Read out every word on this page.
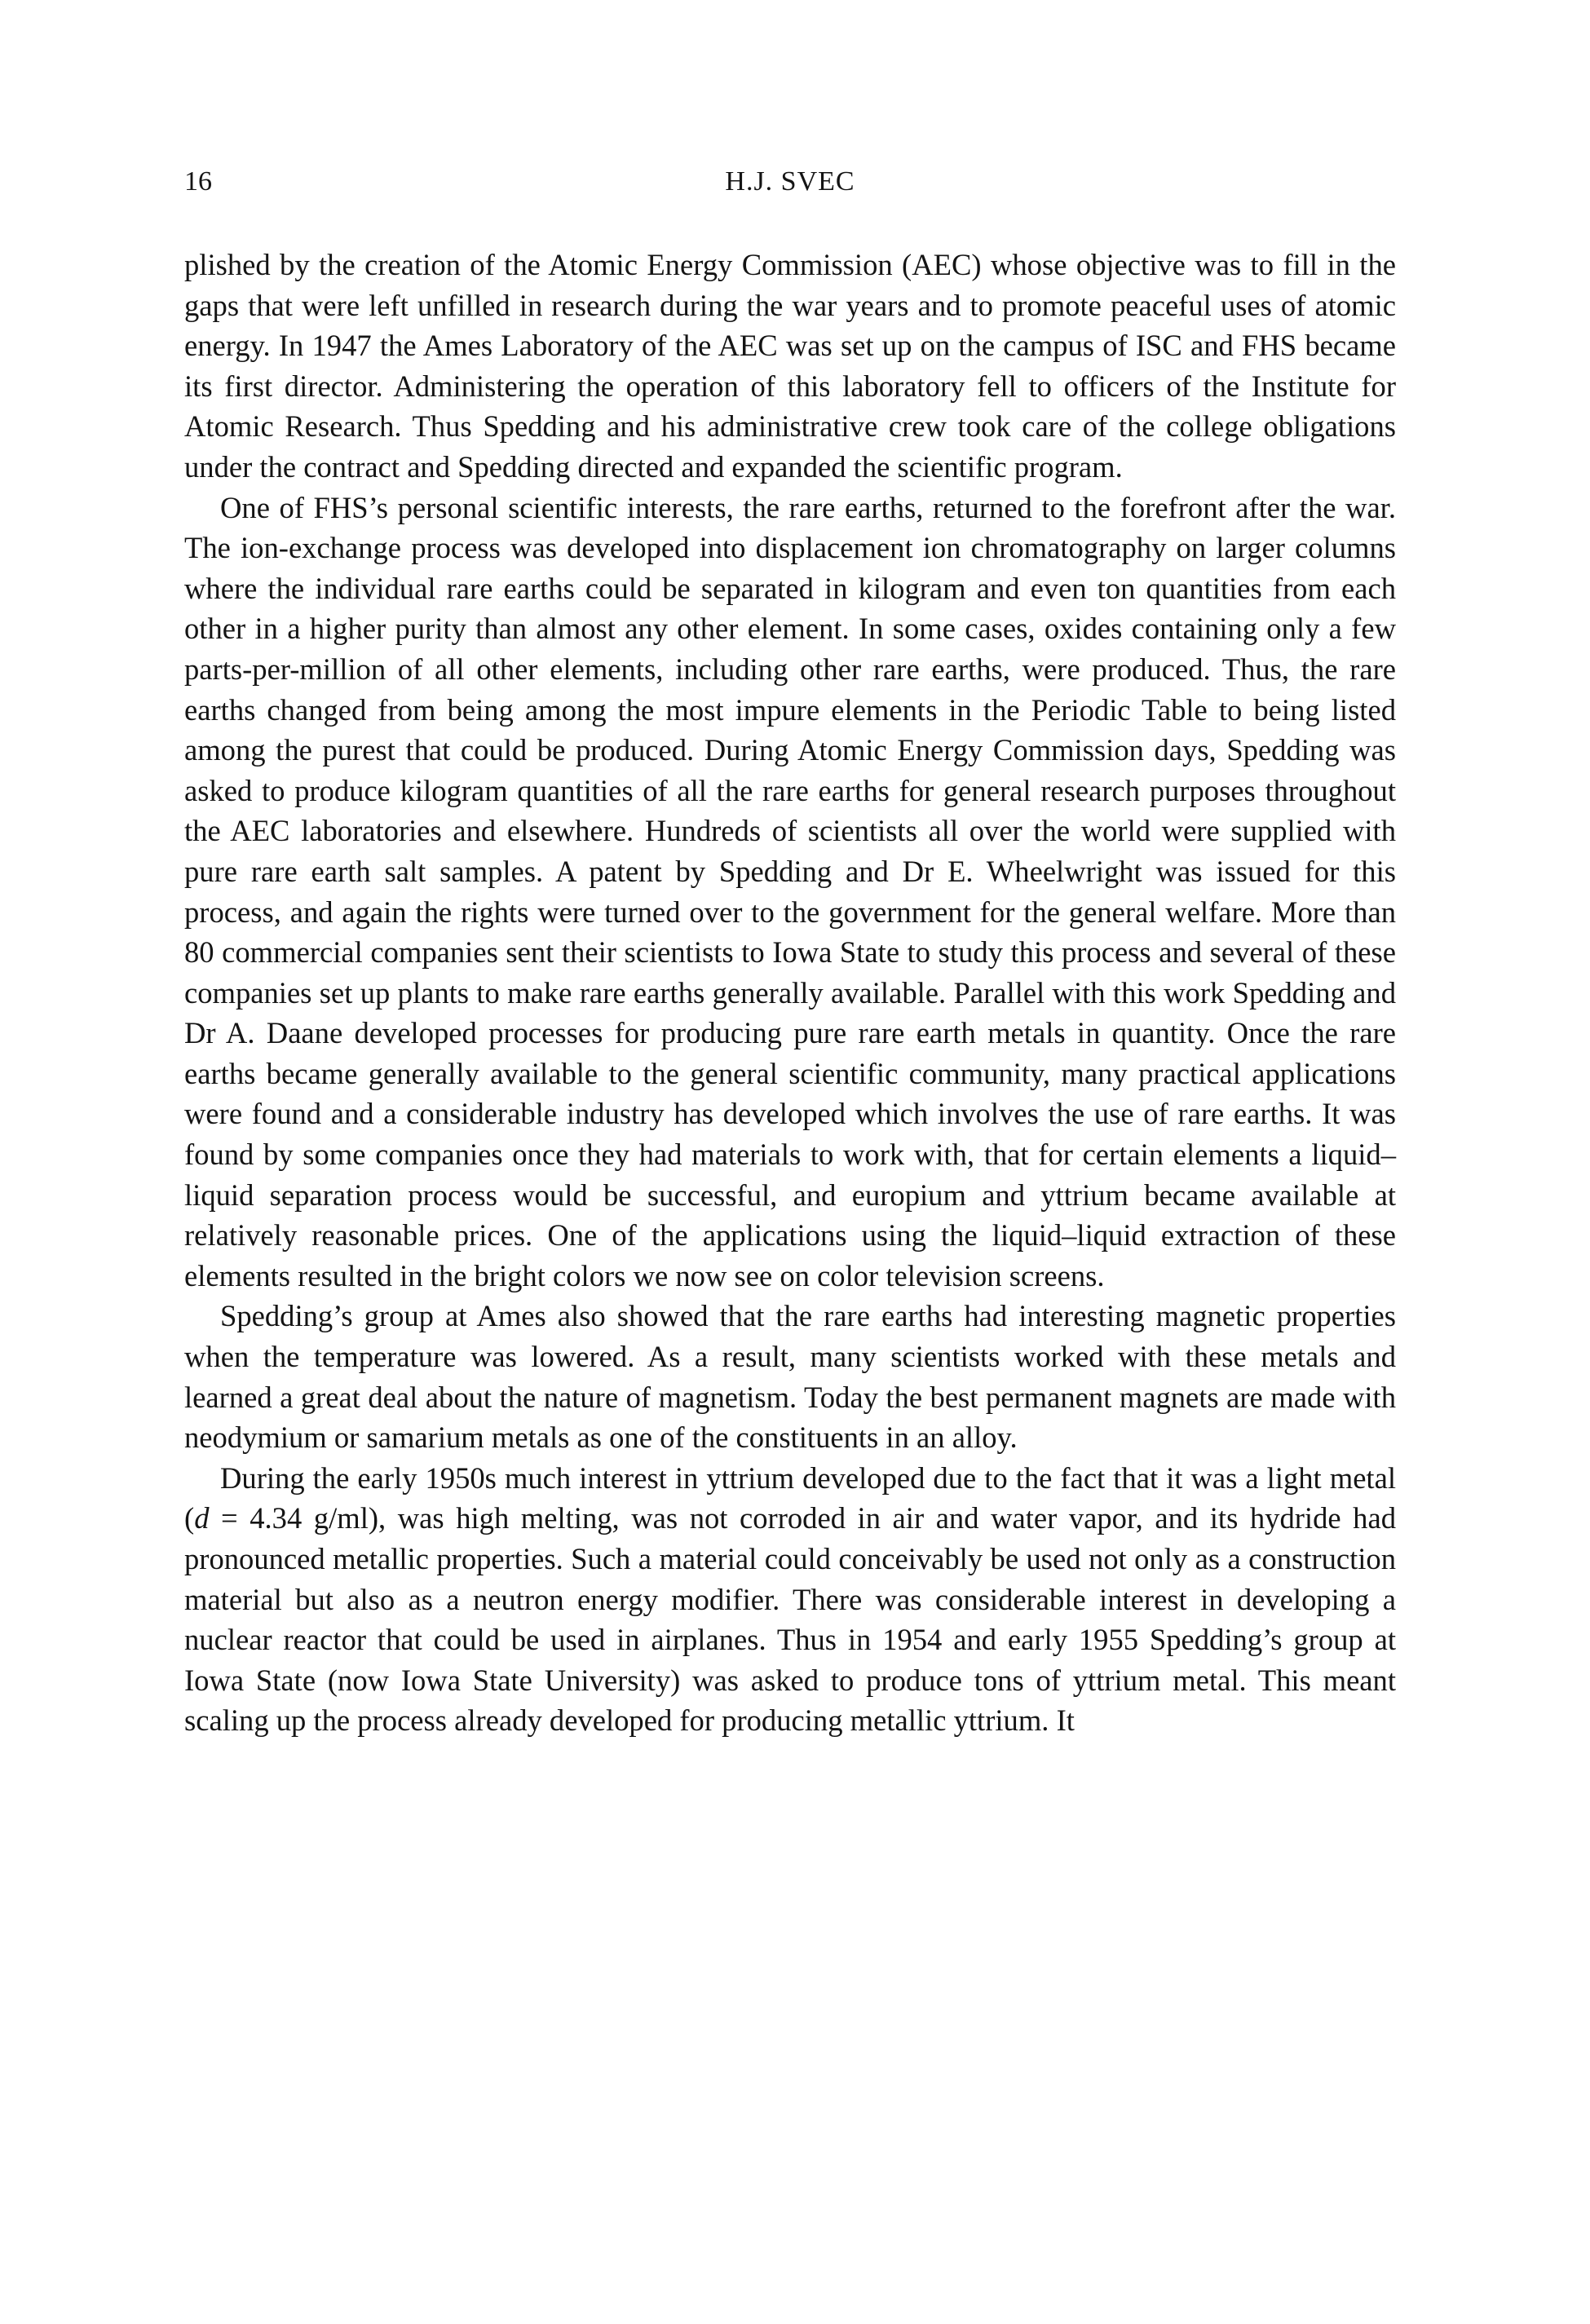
16	H.J. SVEC

plished by the creation of the Atomic Energy Commission (AEC) whose objective was to fill in the gaps that were left unfilled in research during the war years and to promote peaceful uses of atomic energy. In 1947 the Ames Laboratory of the AEC was set up on the campus of ISC and FHS became its first director. Administering the operation of this laboratory fell to officers of the Institute for Atomic Research. Thus Spedding and his administrative crew took care of the college obligations under the contract and Spedding directed and expanded the scientific program.

One of FHS’s personal scientific interests, the rare earths, returned to the forefront after the war. The ion-exchange process was developed into displacement ion chromatography on larger columns where the individual rare earths could be separated in kilogram and even ton quantities from each other in a higher purity than almost any other element. In some cases, oxides containing only a few parts-per-million of all other elements, including other rare earths, were produced. Thus, the rare earths changed from being among the most impure elements in the Periodic Table to being listed among the purest that could be produced. During Atomic Energy Commission days, Spedding was asked to produce kilogram quantities of all the rare earths for general research purposes throughout the AEC laboratories and elsewhere. Hundreds of scientists all over the world were supplied with pure rare earth salt samples. A patent by Spedding and Dr E. Wheelwright was issued for this process, and again the rights were turned over to the government for the general welfare. More than 80 commercial companies sent their scientists to Iowa State to study this process and several of these companies set up plants to make rare earths generally available. Parallel with this work Spedding and Dr A. Daane developed processes for producing pure rare earth metals in quantity. Once the rare earths became generally available to the general scientific community, many practical applications were found and a considerable industry has developed which involves the use of rare earths. It was found by some companies once they had materials to work with, that for certain elements a liquid–liquid separation process would be successful, and europium and yttrium became available at relatively reasonable prices. One of the applications using the liquid–liquid extraction of these elements resulted in the bright colors we now see on color television screens.

Spedding’s group at Ames also showed that the rare earths had interesting magnetic properties when the temperature was lowered. As a result, many scientists worked with these metals and learned a great deal about the nature of magnetism. Today the best permanent magnets are made with neodymium or samarium metals as one of the constituents in an alloy.

During the early 1950s much interest in yttrium developed due to the fact that it was a light metal (d = 4.34 g/ml), was high melting, was not corroded in air and water vapor, and its hydride had pronounced metallic properties. Such a material could conceivably be used not only as a construction material but also as a neutron energy modifier. There was considerable interest in developing a nuclear reactor that could be used in airplanes. Thus in 1954 and early 1955 Spedding’s group at Iowa State (now Iowa State University) was asked to produce tons of yttrium metal. This meant scaling up the process already developed for producing metallic yttrium. It
